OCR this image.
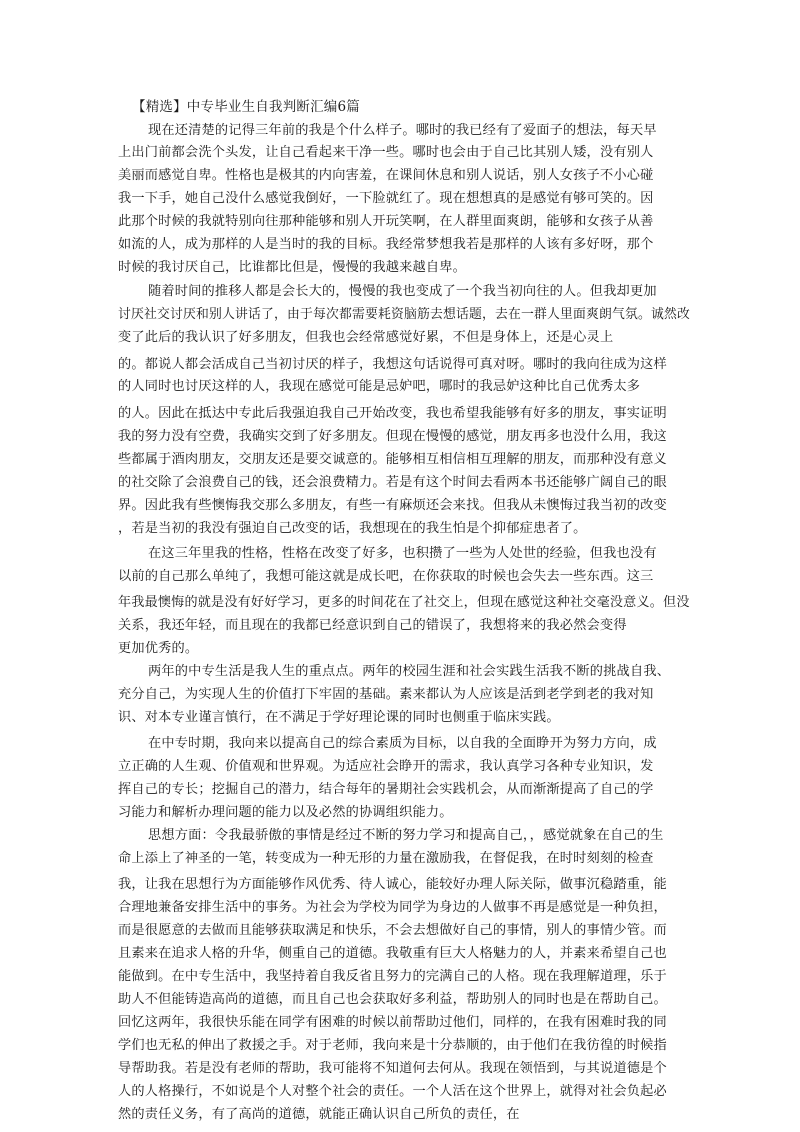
【精选】中专毕业生自我判断汇编6篇
现在还清楚的记得三年前的我是个什么样子。哪时的我已经有了爱面子的想法，每天早
上出门前都会洗个头发，让自己看起来干净一些。哪时也会由于自己比其别人矮，没有别人
美丽而感觉自卑。性格也是极其的内向害羞，在课间休息和别人说话，别人女孩子不小心碰
我一下手，她自己没什么感觉我倒好，一下脸就红了。现在想想真的是感觉有够可笑的。因
此那个时候的我就特别向往那种能够和别人开玩笑啊，在人群里面爽朗，能够和女孩子从善
如流的人，成为那样的人是当时的我的目标。我经常梦想我若是那样的人该有多好呀，那个
时候的我讨厌自己，比谁都比但是，慢慢的我越来越自卑。
随着时间的推移人都是会长大的，慢慢的我也变成了一个我当初向往的人。但我却更加
讨厌社交讨厌和别人讲话了，由于每次都需要耗资脑筋去想话题，去在一群人里面爽朗气氛。诚然改
变了此后的我认识了好多朋友，但我也会经常感觉好累，不但是身体上，还是心灵上
的。都说人都会活成自己当初讨厌的样子，我想这句话说得可真对呀。哪时的我向往成为这样
的人同时也讨厌这样的人，我现在感觉可能是忌妒吧，哪时的我忌妒这种比自己优秀太多
的人。因此在抵达中专此后我强迫我自己开始改变，我也希望我能够有好多的朋友，事实证明
我的努力没有空费，我确实交到了好多朋友。但现在慢慢的感觉，朋友再多也没什么用，我这
些都属于酒肉朋友，交朋友还是要交诚意的。能够相互相信相互理解的朋友，而那种没有意义
的社交除了会浪费自己的钱，还会浪费精力。若是有这个时间去看两本书还能够广阔自己的眼
界。因此我有些懊悔我交那么多朋友，有些一有麻烦还会来找。但我从未懊悔过我当初的改变
，若是当初的我没有强迫自己改变的话，我想现在的我生怕是个抑郁症患者了。
在这三年里我的性格，性格在改变了好多，也积攒了一些为人处世的经验，但我也没有
以前的自己那么单纯了，我想可能这就是成长吧，在你获取的时候也会失去一些东西。这三
年我最懊悔的就是没有好好学习，更多的时间花在了社交上，但现在感觉这种社交毫没意义。但没
关系，我还年轻，而且现在的我都已经意识到自己的错误了，我想将来的我必然会变得
更加优秀的。
两年的中专生活是我人生的重点点。两年的校园生涯和社会实践生活我不断的挑战自我、
充分自己，为实现人生的价值打下牢固的基础。素来都认为人应该是活到老学到老的我对知
识、对本专业谨言慎行，在不满足于学好理论课的同时也侧重于临床实践。
在中专时期，我向来以提高自己的综合素质为目标，以自我的全面睁开为努力方向，成
立正确的人生观、价值观和世界观。为适应社会睁开的需求，我认真学习各种专业知识，发
挥自己的专长；挖掘自己的潜力，结合每年的暑期社会实践机会，从而渐渐提高了自己的学
习能力和解析办理问题的能力以及必然的协调组织能力。
思想方面：令我最骄傲的事情是经过不断的努力学习和提高自己，，感觉就象在自己的生
命上添上了神圣的一笔，转变成为一种无形的力量在激励我，在督促我，在时时刻刻的检查
我，让我在思想行为方面能够作风优秀、待人诚心，能较好办理人际关际，做事沉稳踏重，能
合理地兼备安排生活中的事务。为社会为学校为同学为身边的人做事不再是感觉是一种负担，
而是很愿意的去做而且能够获取满足和快乐，不会去想做好自己的事情，别人的事情少管。而
且素来在追求人格的升华，侧重自己的道德。我敬重有巨大人格魅力的人，并素来希望自己也
能做到。在中专生活中，我坚持着自我反省且努力的完满自己的人格。现在我理解道理，乐于
助人不但能铸造高尚的道德，而且自己也会获取好多利益，帮助别人的同时也是在帮助自己。
回忆这两年，我很快乐能在同学有困难的时候以前帮助过他们，同样的，在我有困难时我的同
学们也无私的伸出了救援之手。对于老师，我向来是十分恭顺的，由于他们在我彷徨的时候指
导帮助我。若是没有老师的帮助，我可能将不知道何去何从。我现在领悟到，与其说道德是个
人的人格操行，不如说是个人对整个社会的责任。一个人活在这个世界上，就得对社会负起必
然的责任义务，有了高尚的道德，就能正确认识自己所负的责任，在
